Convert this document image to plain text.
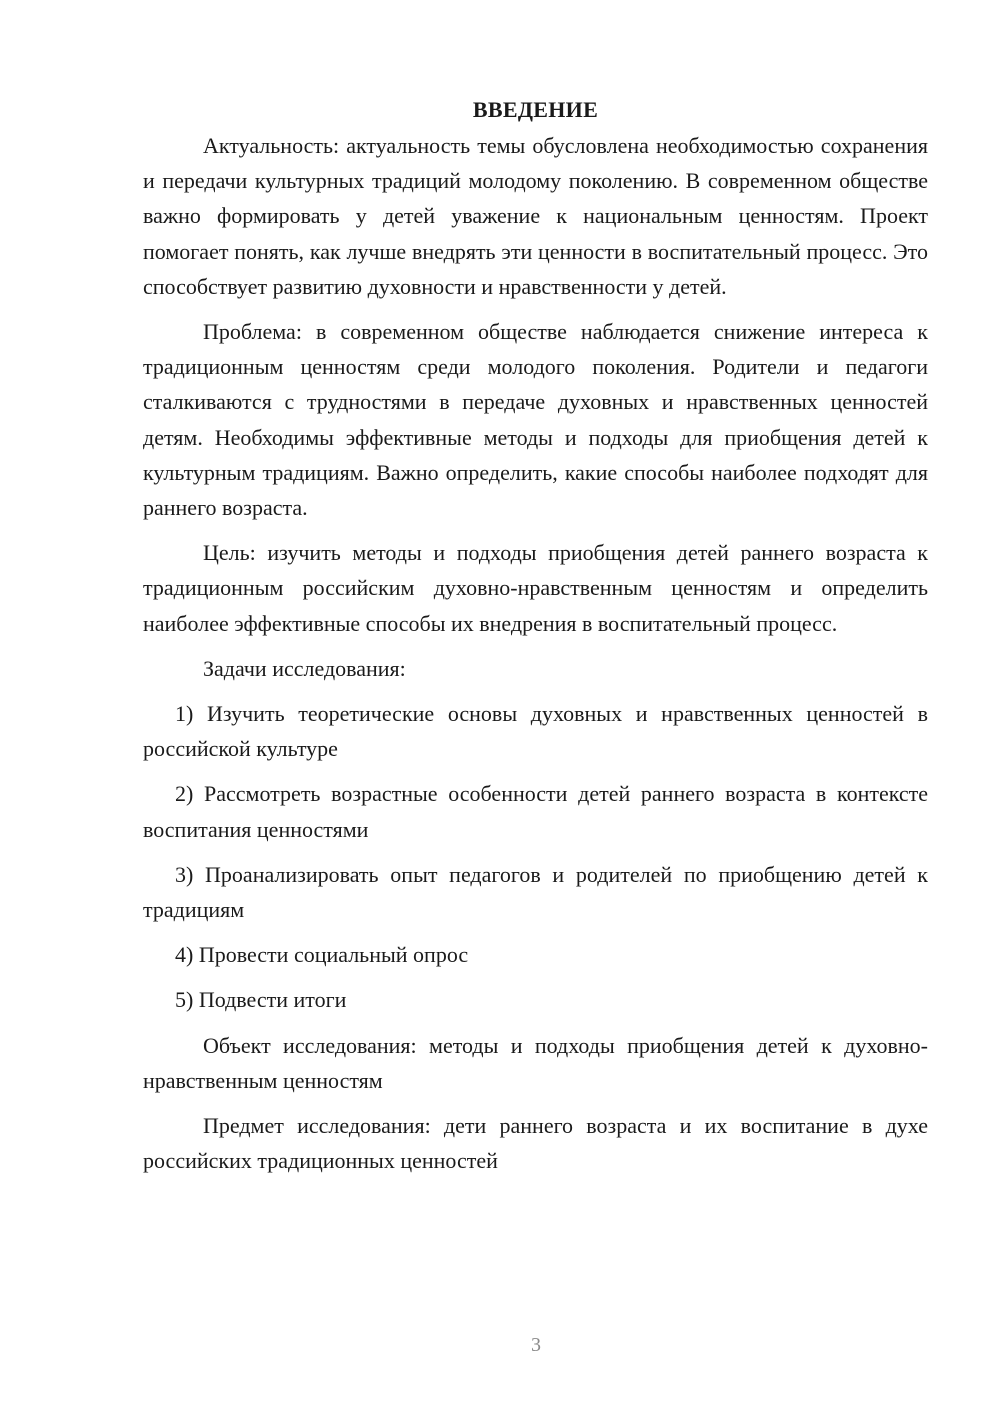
ВВЕДЕНИЕ

Актуальность: актуальность темы обусловлена необходимостью сохранения и передачи культурных традиций молодому поколению. В современном обществе важно формировать у детей уважение к национальным ценностям. Проект помогает понять, как лучше внедрять эти ценности в воспитательный процесс. Это способствует развитию духовности и нравственности у детей.

Проблема: в современном обществе наблюдается снижение интереса к традиционным ценностям среди молодого поколения. Родители и педагоги сталкиваются с трудностями в передаче духовных и нравственных ценностей детям. Необходимы эффективные методы и подходы для приобщения детей к культурным традициям. Важно определить, какие способы наиболее подходят для раннего возраста.

Цель: изучить методы и подходы приобщения детей раннего возраста к традиционным российским духовно-нравственным ценностям и определить наиболее эффективные способы их внедрения в воспитательный процесс.

Задачи исследования:

1) Изучить теоретические основы духовных и нравственных ценностей в российской культуре

2) Рассмотреть возрастные особенности детей раннего возраста в контексте воспитания ценностями

3) Проанализировать опыт педагогов и родителей по приобщению детей к традициям

4) Провести социальный опрос

5) Подвести итоги

Объект исследования: методы и подходы приобщения детей к духовно-нравственным ценностям

Предмет исследования: дети раннего возраста и их воспитание в духе российских традиционных ценностей

3
